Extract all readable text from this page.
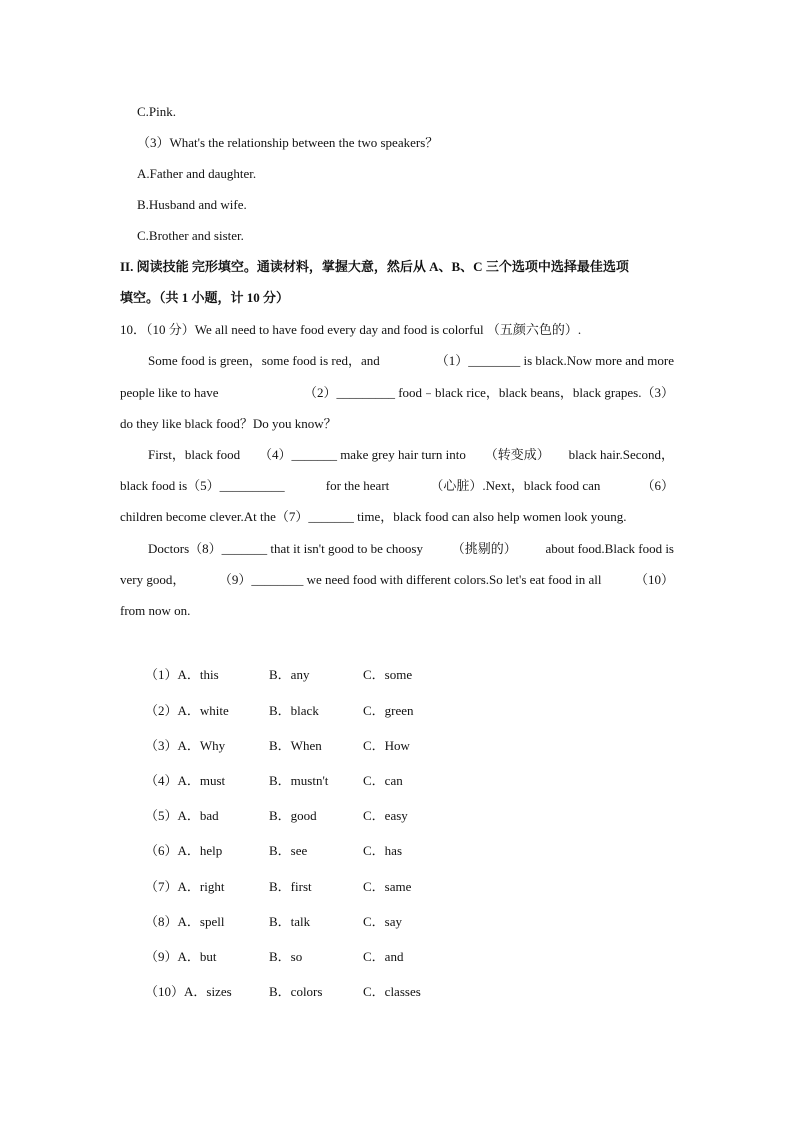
C.Pink.
（3）What's the relationship between the two speakers？
A.Father and daughter.
B.Husband and wife.
C.Brother and sister.
II. 阅读技能 完形填空。通读材料，掌握大意，然后从 A、B、C 三个选项中选择最佳选项
填空。（共 1 小题，计 10 分）
10．（10 分）We all need to have food every day and food is colorful （五颜六色的）.
Some food is green，some food is red，and	（1）________ is black.Now more and more
people like to have	（2）_________ food﹣black rice，black beans，black grapes.（3）
do they like black food？Do you know？
First，black food （4）_______ make grey hair turn into （转变成） black hair.Second，
black food is（5）__________	for the heart	（心脏）.Next，black food can	（6）
children become clever.At the（7）_______ time，black food can also help women look young.
Doctors（8）_______ that it isn't good to be choosy （挑剔的） about food.Black food is
very good，	（9）________ we need food with different colors.So let's eat food in all	（10）
from now on.
（1）A．this	B．any	C．some
（2）A．white	B．black	C．green
（3）A．Why	B．When	C．How
（4）A．must	B．mustn't	C．can
（5）A．bad	B．good	C．easy
（6）A．help	B．see	C．has
（7）A．right	B．first	C．same
（8）A．spell	B．talk	C．say
（9）A．but	B．so	C．and
（10）A．sizes	B．colors	C．classes
